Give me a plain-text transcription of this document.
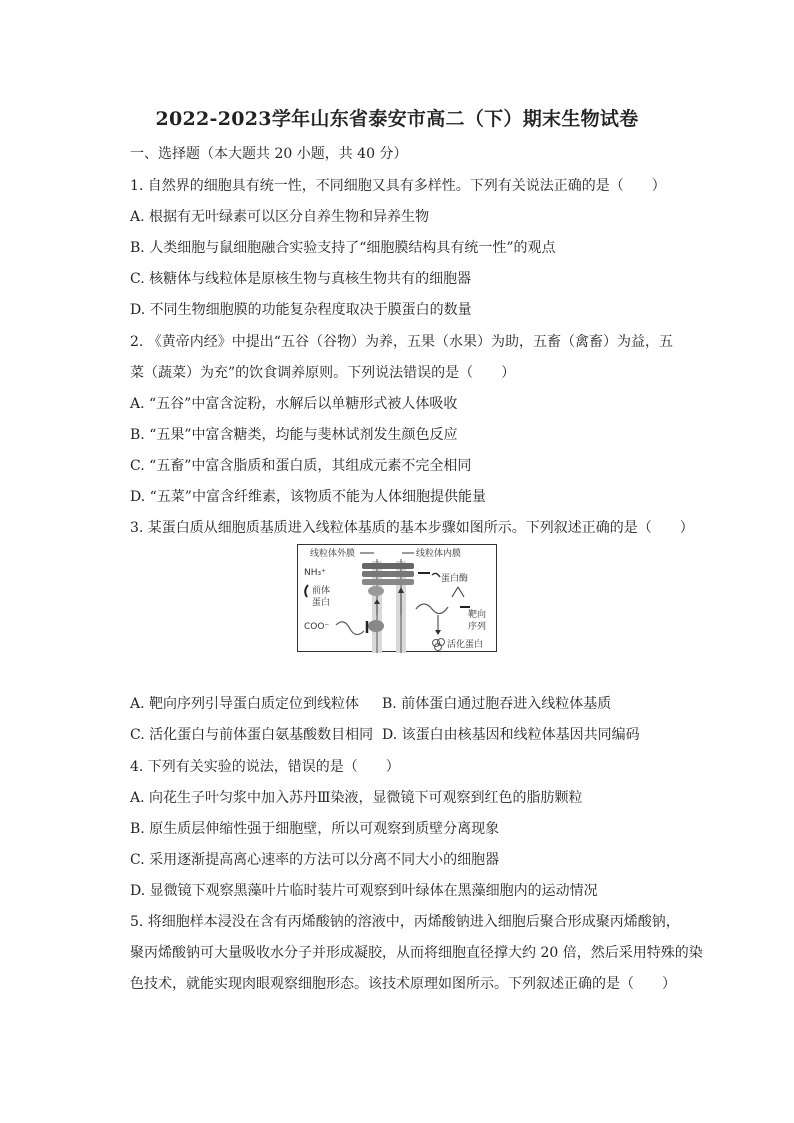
2022-2023学年山东省泰安市高二（下）期末生物试卷
一、选择题（本大题共 20 小题，共 40 分）
1. 自然界的细胞具有统一性，不同细胞又具有多样性。下列有关说法正确的是（　　）
A. 根据有无叶绿素可以区分自养生物和异养生物
B. 人类细胞与鼠细胞融合实验支持了“细胞膜结构具有统一性”的观点
C. 核糖体与线粒体是原核生物与真核生物共有的细胞器
D. 不同生物细胞膜的功能复杂程度取决于膜蛋白的数量
2. 《黄帝内经》中提出“五谷（谷物）为养，五果（水果）为助，五畜（禽畜）为益，五
菜（蔬菜）为充”的饮食调养原则。下列说法错误的是（　　）
A. “五谷”中富含淀粉，水解后以单糖形式被人体吸收
B. “五果”中富含糖类，均能与斐林试剂发生颜色反应
C. “五畜”中富含脂质和蛋白质，其组成元素不完全相同
D. “五菜”中富含纤维素，该物质不能为人体细胞提供能量
3. 某蛋白质从细胞质基质进入线粒体基质的基本步骤如图所示。下列叙述正确的是（　　）
线粒体外膜	线粒体内膜
NH₃⁺
前体
蛋白
COO⁻
蛋白酶
靶向
序列
活化蛋白
A. 靶向序列引导蛋白质定位到线粒体 B. 前体蛋白通过胞吞进入线粒体基质
C. 活化蛋白与前体蛋白氨基酸数目相同 D. 该蛋白由核基因和线粒体基因共同编码
4. 下列有关实验的说法，错误的是（　　）
A. 向花生子叶匀浆中加入苏丹Ⅲ染液，显微镜下可观察到红色的脂肪颗粒
B. 原生质层伸缩性强于细胞壁，所以可观察到质壁分离现象
C. 采用逐渐提高离心速率的方法可以分离不同大小的细胞器
D. 显微镜下观察黑藻叶片临时装片可观察到叶绿体在黑藻细胞内的运动情况
5. 将细胞样本浸没在含有丙烯酸钠的溶液中，丙烯酸钠进入细胞后聚合形成聚丙烯酸钠，
聚丙烯酸钠可大量吸收水分子并形成凝胶，从而将细胞直径撑大约 20 倍，然后采用特殊的染
色技术，就能实现肉眼观察细胞形态。该技术原理如图所示。下列叙述正确的是（　　）
